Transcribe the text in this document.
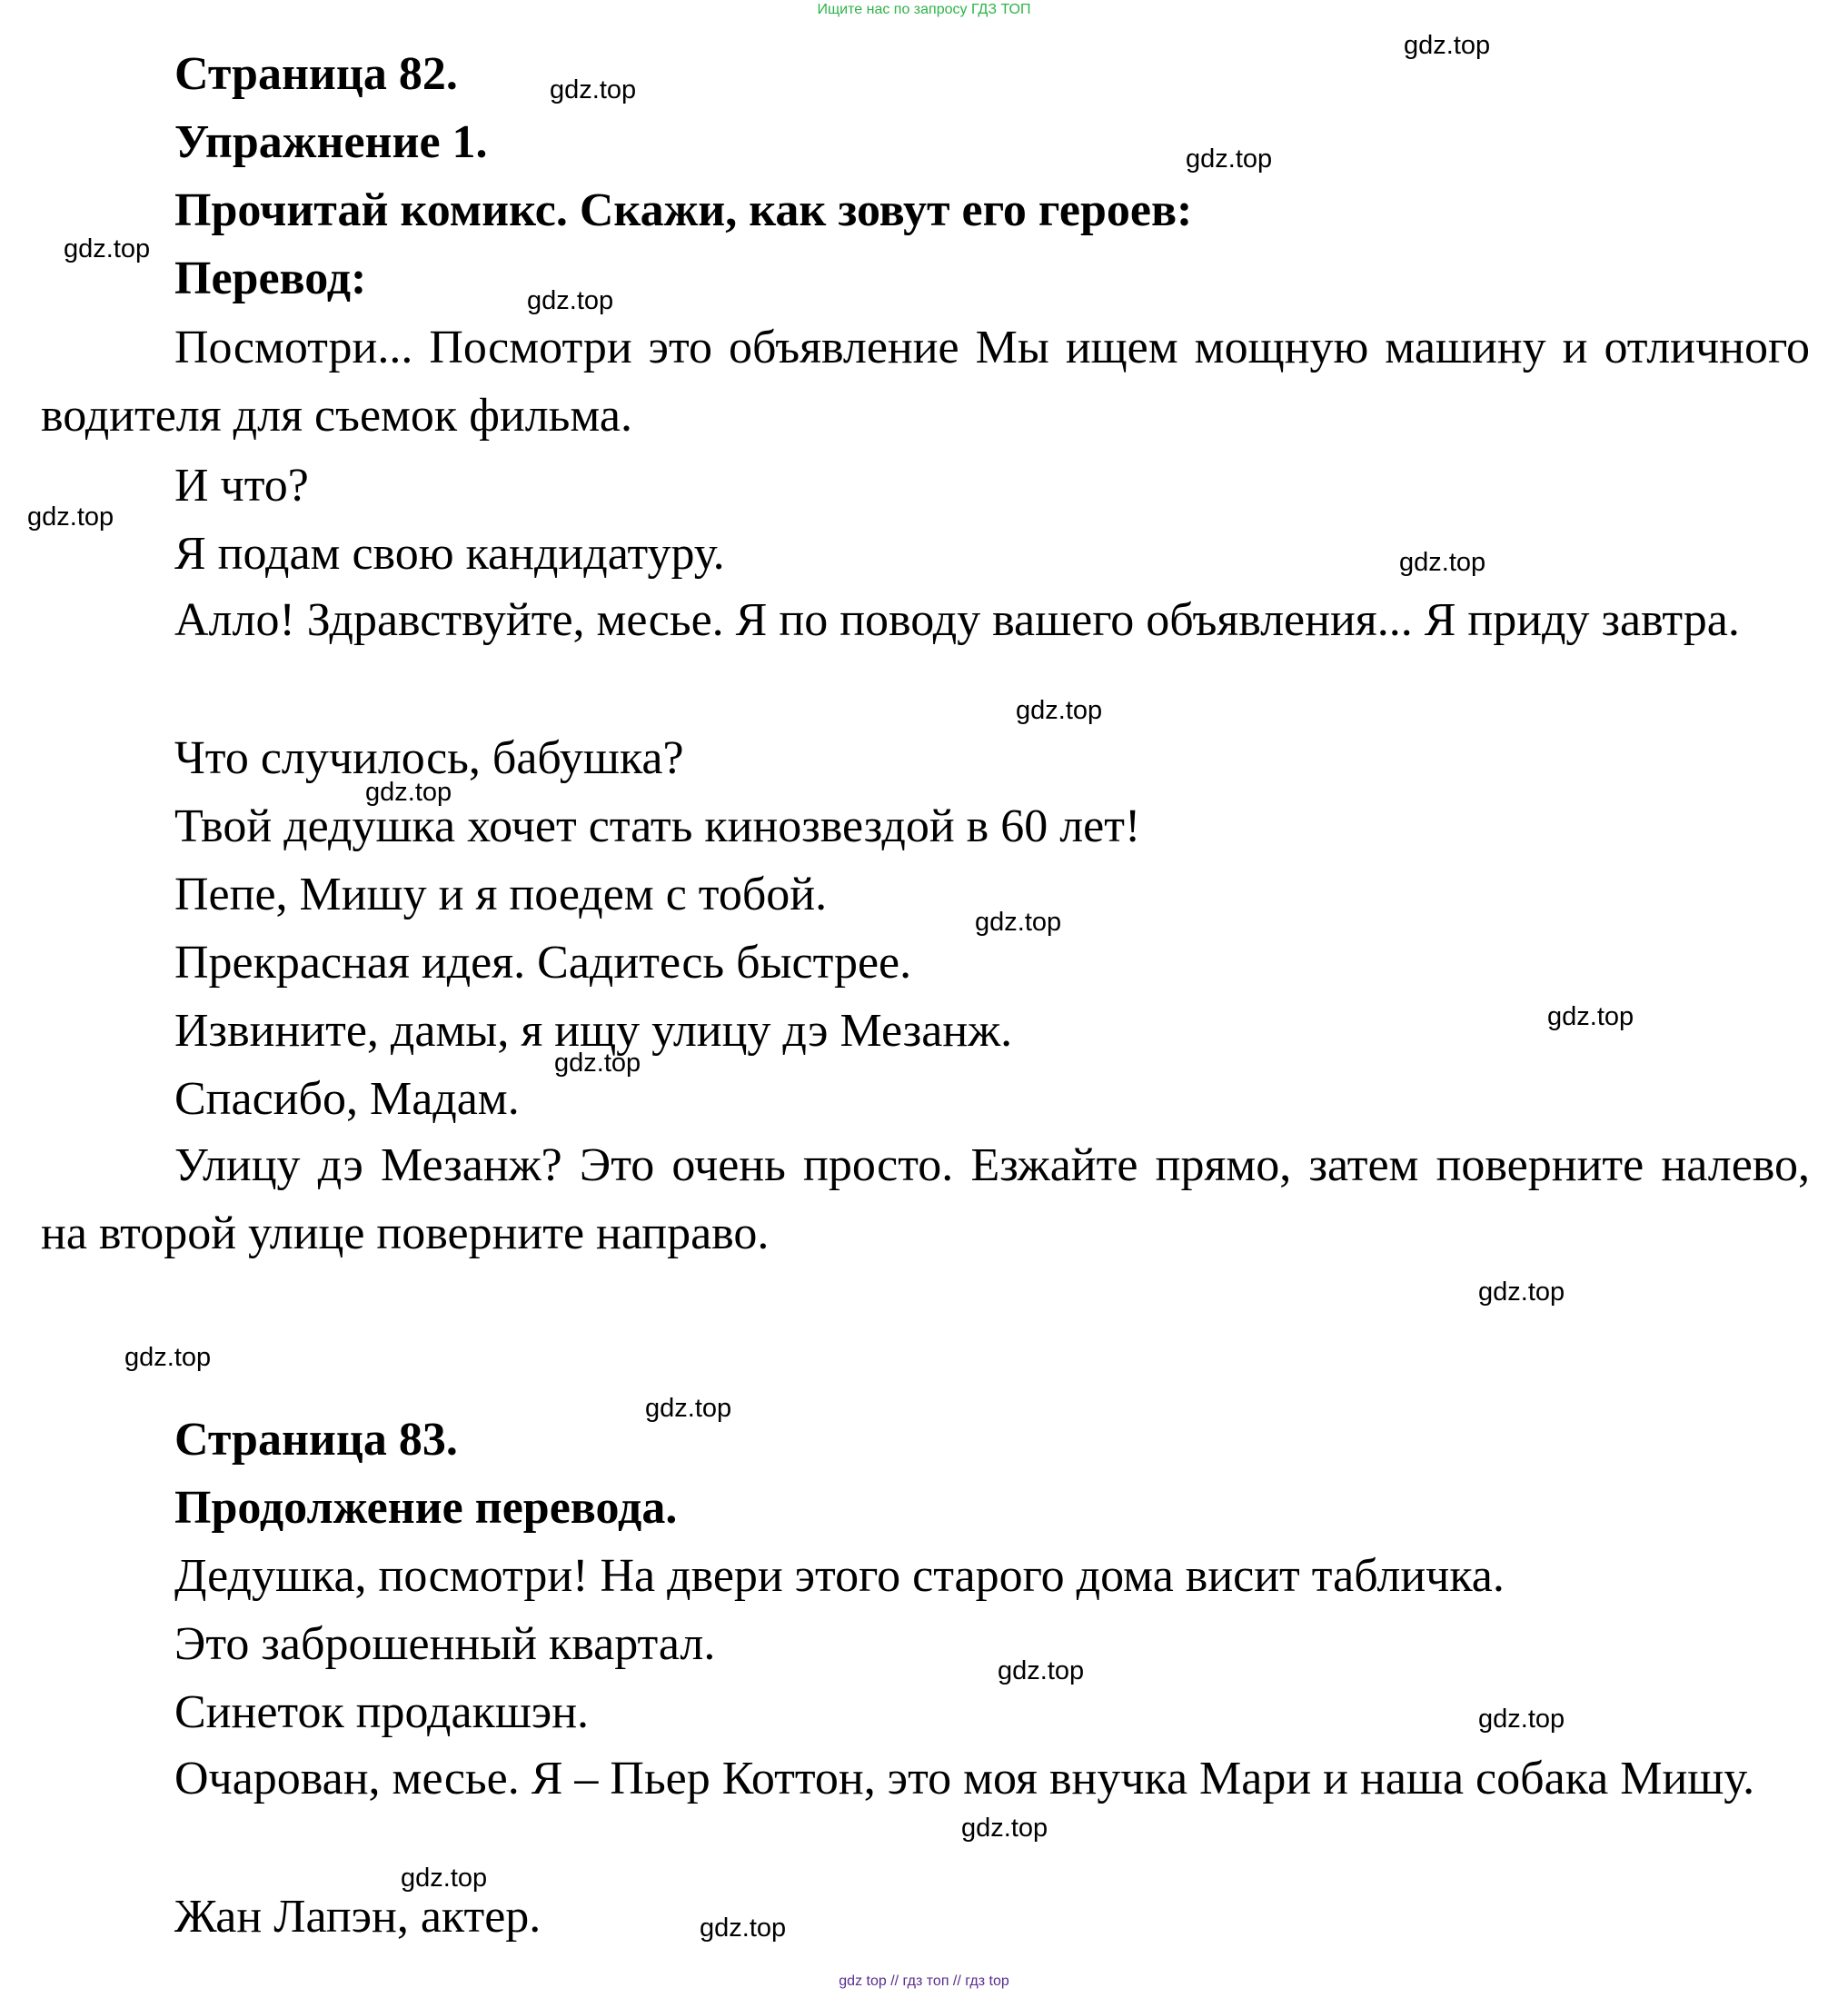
Ищите нас по запросу ГДЗ ТОП
Страница 82.
Упражнение 1.
Прочитай комикс. Скажи, как зовут его героев:
Перевод:
Посмотри... Посмотри это объявление Мы ищем мощную машину и отличного водителя для съемок фильма.
И что?
Я подам свою кандидатуру.
Алло! Здравствуйте, месье. Я по поводу вашего объявления... Я приду завтра.
Что случилось, бабушка?
Твой дедушка хочет стать кинозвездой в 60 лет!
Пепе, Мишу и я поедем с тобой.
Прекрасная идея. Садитесь быстрее.
Извините, дамы, я ищу улицу дэ Мезанж.
Спасибо, Мадам.
Улицу дэ Мезанж? Это очень просто. Езжайте прямо, затем поверните налево, на второй улице поверните направо.
Страница 83.
Продолжение перевода.
Дедушка, посмотри! На двери этого старого дома висит табличка.
Это заброшенный квартал.
Синеток продакшэн.
Очарован, месье. Я – Пьер Коттон, это моя внучка Мари и наша собака Мишу.
Жан Лапэн, актер.
gdz.top
gdz.top
gdz.top
gdz.top
gdz.top
gdz.top
gdz.top
gdz.top
gdz.top
gdz.top
gdz.top
gdz.top
gdz.top
gdz.top
gdz.top
gdz.top
gdz.top
gdz.top
gdz.top
gdz.top
gdz top // гдз топ // гдз top
